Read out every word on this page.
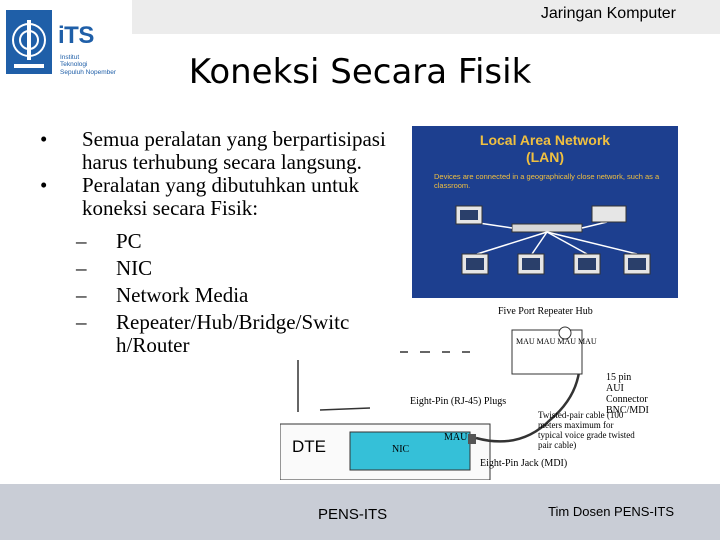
Jaringan Komputer
iTS
Institut
Teknologi
Sepuluh Nopember	Koneksi Secara Fisik
• Semua peralatan yang berpartisipasi harus terhubung secara langsung.
• Peralatan yang dibutuhkan untuk koneksi secara Fisik:
– PC
– NIC
– Network Media
– Repeater/Hub/Bridge/Switch/Router
Local Area Network
(LAN)
Devices are connected in a geographically close network, such as a classroom.
Five Port Repeater Hub
MAU MAU MAU MAU
15 pin AUI Connector BNC/MDI
Eight-Pin (RJ-45) Plugs
Twisted-pair cable (100 meters maximum for typical voice grade twisted pair cable)
DTE	NIC
MAU
Eight-Pin Jack (MDI)
PENS-ITS	Tim Dosen PENS-ITS
